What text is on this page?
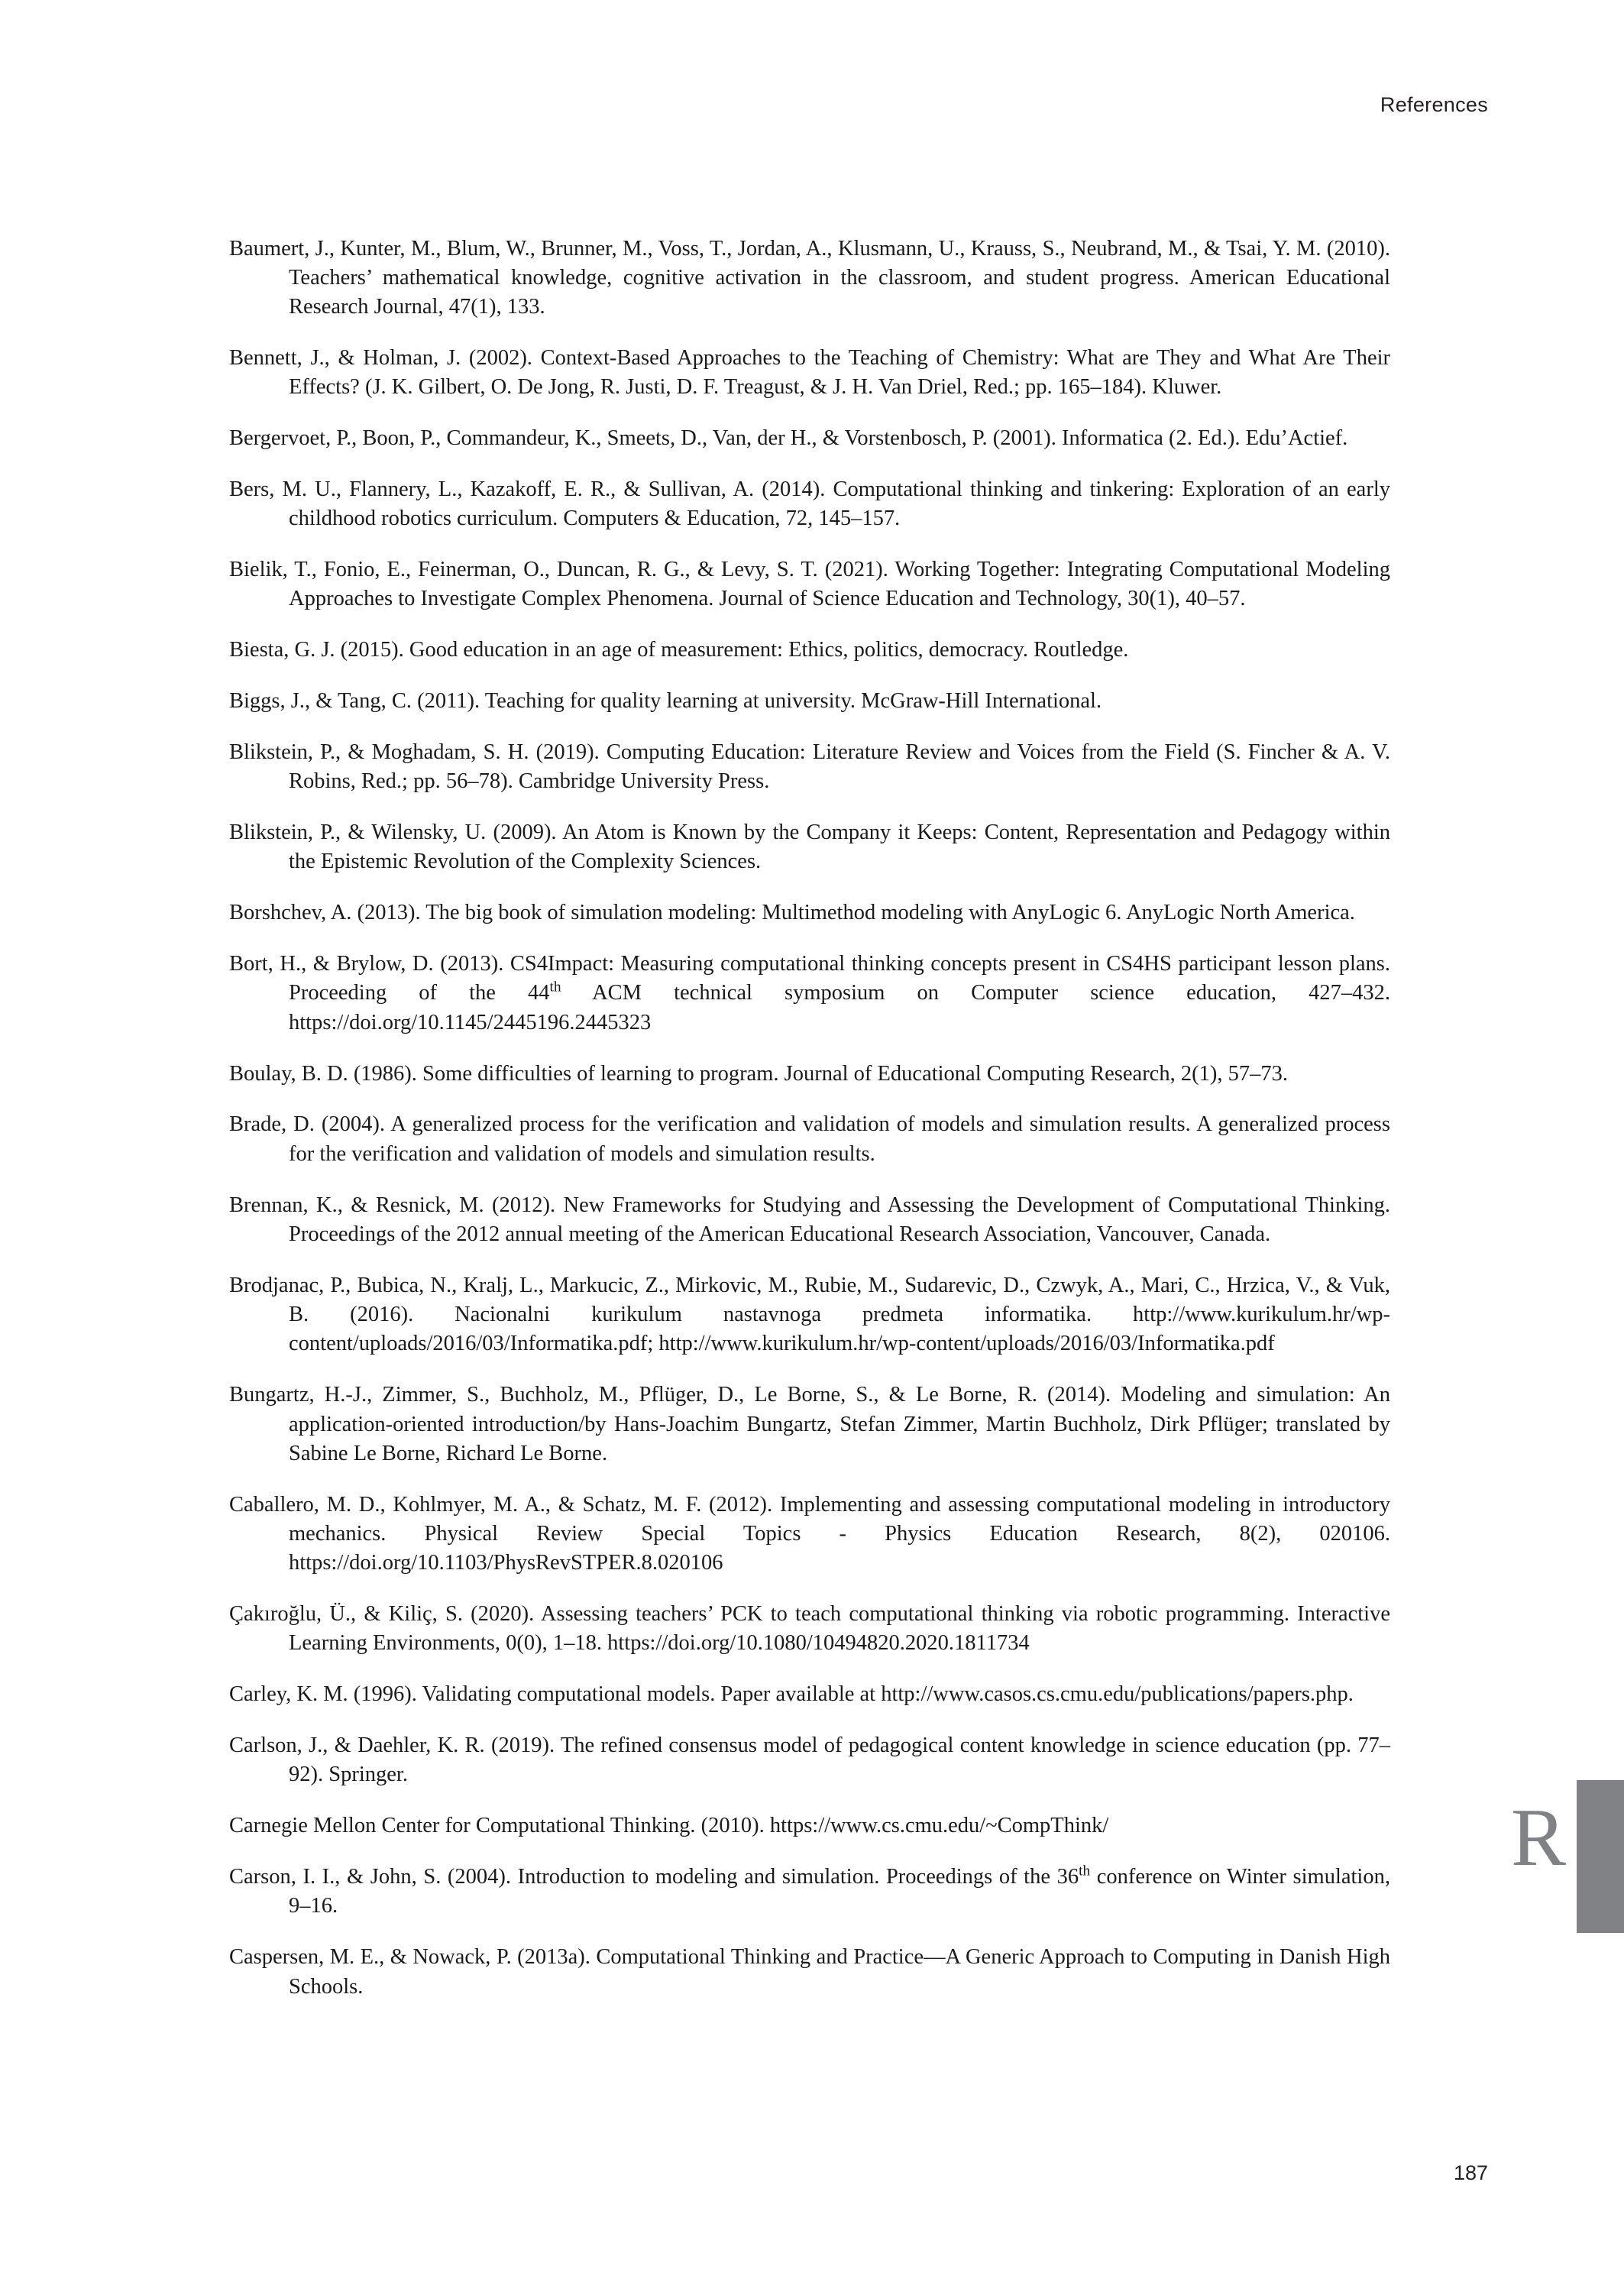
References

Baumert, J., Kunter, M., Blum, W., Brunner, M., Voss, T., Jordan, A., Klusmann, U., Krauss, S., Neubrand, M., & Tsai, Y. M. (2010). Teachers’ mathematical knowledge, cognitive activation in the classroom, and student progress. American Educational Research Journal, 47(1), 133.

Bennett, J., & Holman, J. (2002). Context-Based Approaches to the Teaching of Chemistry: What are They and What Are Their Effects? (J. K. Gilbert, O. De Jong, R. Justi, D. F. Treagust, & J. H. Van Driel, Red.; pp. 165–184). Kluwer.

Bergervoet, P., Boon, P., Commandeur, K., Smeets, D., Van, der H., & Vorstenbosch, P. (2001). Informatica (2. Ed.). Edu’Actief.

Bers, M. U., Flannery, L., Kazakoff, E. R., & Sullivan, A. (2014). Computational thinking and tinkering: Exploration of an early childhood robotics curriculum. Computers & Education, 72, 145–157.

Bielik, T., Fonio, E., Feinerman, O., Duncan, R. G., & Levy, S. T. (2021). Working Together: Integrating Computational Modeling Approaches to Investigate Complex Phenomena. Journal of Science Education and Technology, 30(1), 40–57.

Biesta, G. J. (2015). Good education in an age of measurement: Ethics, politics, democracy. Routledge.

Biggs, J., & Tang, C. (2011). Teaching for quality learning at university. McGraw-Hill International.

Blikstein, P., & Moghadam, S. H. (2019). Computing Education: Literature Review and Voices from the Field (S. Fincher & A. V. Robins, Red.; pp. 56–78). Cambridge University Press.

Blikstein, P., & Wilensky, U. (2009). An Atom is Known by the Company it Keeps: Content, Representation and Pedagogy within the Epistemic Revolution of the Complexity Sciences.

Borshchev, A. (2013). The big book of simulation modeling: Multimethod modeling with AnyLogic 6. AnyLogic North America.

Bort, H., & Brylow, D. (2013). CS4Impact: Measuring computational thinking concepts present in CS4HS participant lesson plans. Proceeding of the 44th ACM technical symposium on Computer science education, 427–432. https://doi.org/10.1145/2445196.2445323

Boulay, B. D. (1986). Some difficulties of learning to program. Journal of Educational Computing Research, 2(1), 57–73.

Brade, D. (2004). A generalized process for the verification and validation of models and simulation results. A generalized process for the verification and validation of models and simulation results.

Brennan, K., & Resnick, M. (2012). New Frameworks for Studying and Assessing the Development of Computational Thinking. Proceedings of the 2012 annual meeting of the American Educational Research Association, Vancouver, Canada.

Brodjanac, P., Bubica, N., Kralj, L., Markucic, Z., Mirkovic, M., Rubie, M., Sudarevic, D., Czwyk, A., Mari, C., Hrzica, V., & Vuk, B. (2016). Nacionalni kurikulum nastavnoga predmeta informatika. http://www.kurikulum.hr/wp-content/uploads/2016/03/Informatika.pdf; http://www.kurikulum.hr/wp-content/uploads/2016/03/Informatika.pdf

Bungartz, H.-J., Zimmer, S., Buchholz, M., Pflüger, D., Le Borne, S., & Le Borne, R. (2014). Modeling and simulation: An application-oriented introduction/by Hans-Joachim Bungartz, Stefan Zimmer, Martin Buchholz, Dirk Pflüger; translated by Sabine Le Borne, Richard Le Borne.

Caballero, M. D., Kohlmyer, M. A., & Schatz, M. F. (2012). Implementing and assessing computational modeling in introductory mechanics. Physical Review Special Topics - Physics Education Research, 8(2), 020106. https://doi.org/10.1103/PhysRevSTPER.8.020106

Çakıroğlu, Ü., & Kiliç, S. (2020). Assessing teachers’ PCK to teach computational thinking via robotic programming. Interactive Learning Environments, 0(0), 1–18. https://doi.org/10.1080/10494820.2020.1811734

Carley, K. M. (1996). Validating computational models. Paper available at http://www.casos.cs.cmu.edu/publications/papers.php.

Carlson, J., & Daehler, K. R. (2019). The refined consensus model of pedagogical content knowledge in science education (pp. 77–92). Springer.

Carnegie Mellon Center for Computational Thinking. (2010). https://www.cs.cmu.edu/~CompThink/

Carson, I. I., & John, S. (2004). Introduction to modeling and simulation. Proceedings of the 36th conference on Winter simulation, 9–16.

Caspersen, M. E., & Nowack, P. (2013a). Computational Thinking and Practice—A Generic Approach to Computing in Danish High Schools.

R
187
